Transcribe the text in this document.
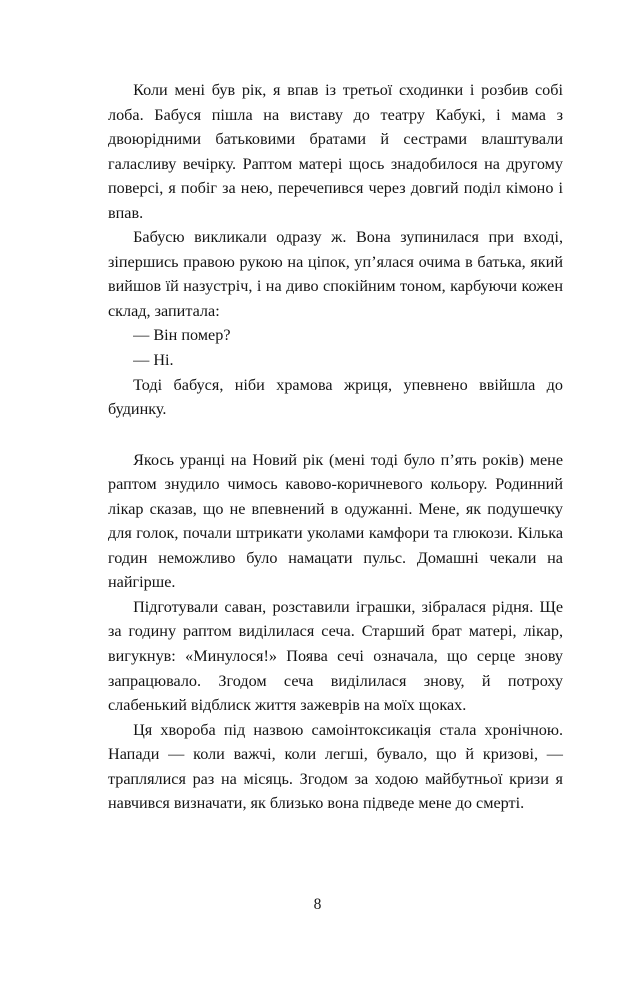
Коли мені був рік, я впав із третьої сходинки і розбив собі лоба. Бабуся пішла на виставу до театру Кабукі, і мама з двоюрідними батьковими братами й сестрами влаштували галасливу вечірку. Раптом матері щось знадобилося на другому поверсі, я побіг за нею, перечепився через довгий поділ кімоно і впав.

Бабусю викликали одразу ж. Вона зупинилася при вході, зіпершись правою рукою на ціпок, уп’ялася очима в батька, який вийшов їй назустріч, і на диво спокійним тоном, карбуючи кожен склад, запитала:

— Він помер?

— Ні.

Тоді бабуся, ніби храмова жриця, упевнено ввійшла до будинку.

Якось уранці на Новий рік (мені тоді було п’ять років) мене раптом знудило чимось кавово-коричневого кольору. Родинний лікар сказав, що не впевнений в одужанні. Мене, як подушечку для голок, почали штрикати уколами камфори та глюкози. Кілька годин неможливо було намацати пульс. Домашні чекали на найгірше.

Підготували саван, розставили іграшки, зібралася рідня. Ще за годину раптом виділилася сеча. Старший брат матері, лікар, вигукнув: «Минулося!» Поява сечі означала, що серце знову запрацювало. Згодом сеча виділилася знову, й потроху слабенький відблиск життя зажеврів на моїх щоках.

Ця хвороба під назвою самоінтоксикація стала хронічною. Напади — коли важчі, коли легші, бувало, що й кризові, — траплялися раз на місяць. Згодом за ходою майбутньої кризи я навчився визначати, як близько вона підведе мене до смерті.

8
